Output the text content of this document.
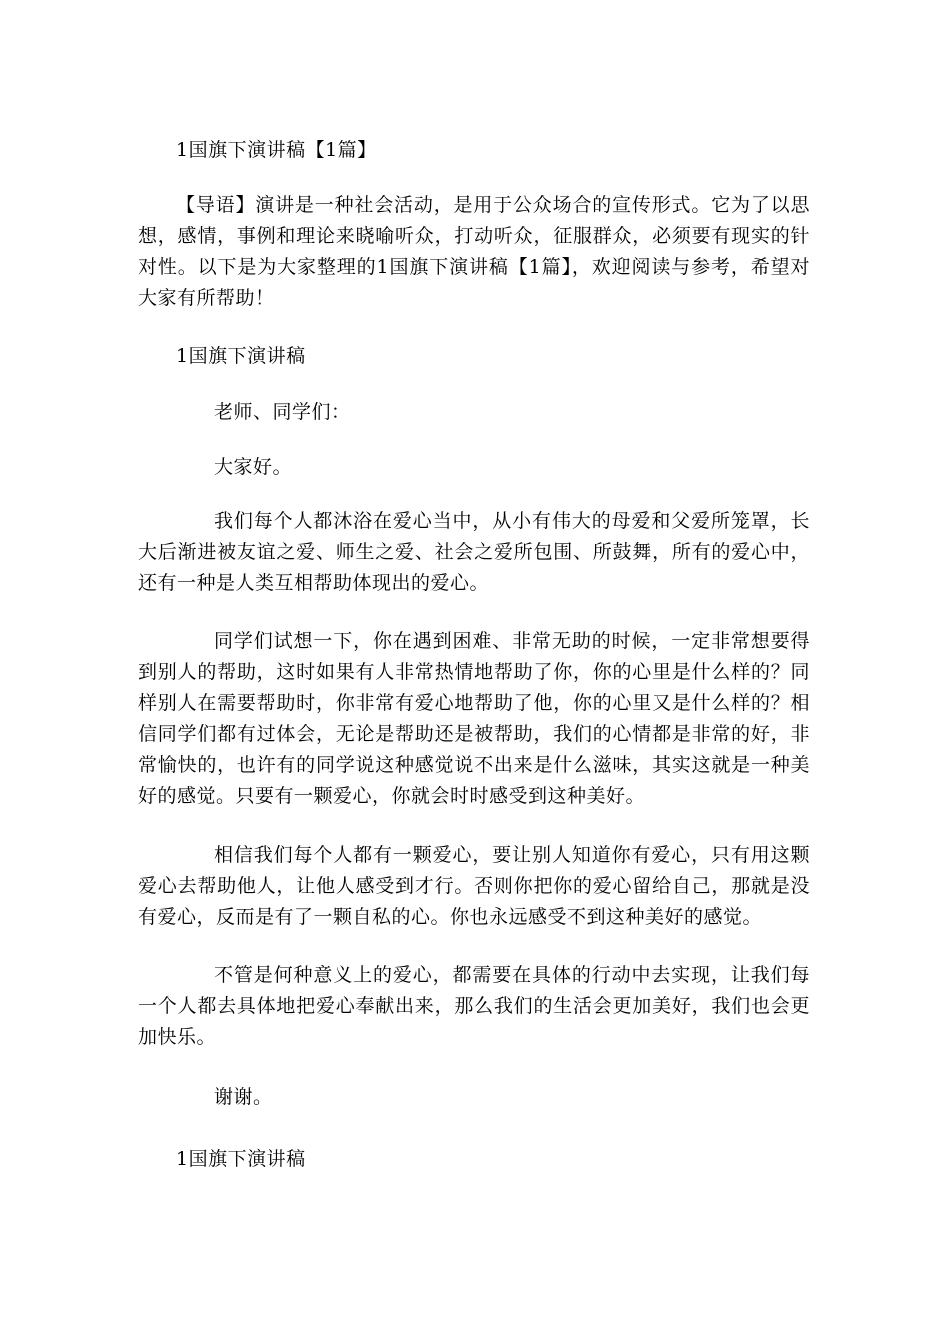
1国旗下演讲稿【1篇】

【导语】演讲是一种社会活动，是用于公众场合的宣传形式。它为了以思想，感情，事例和理论来晓喻听众，打动听众，征服群众，必须要有现实的针对性。以下是为大家整理的1国旗下演讲稿【1篇】，欢迎阅读与参考，希望对大家有所帮助！

1国旗下演讲稿

老师、同学们：

大家好。

我们每个人都沐浴在爱心当中，从小有伟大的母爱和父爱所笼罩，长大后渐进被友谊之爱、师生之爱、社会之爱所包围、所鼓舞，所有的爱心中，还有一种是人类互相帮助体现出的爱心。

同学们试想一下，你在遇到困难、非常无助的时候，一定非常想要得到别人的帮助，这时如果有人非常热情地帮助了你，你的心里是什么样的？同样别人在需要帮助时，你非常有爱心地帮助了他，你的心里又是什么样的？相信同学们都有过体会，无论是帮助还是被帮助，我们的心情都是非常的好，非常愉快的，也许有的同学说这种感觉说不出来是什么滋味，其实这就是一种美好的感觉。只要有一颗爱心，你就会时时感受到这种美好。

相信我们每个人都有一颗爱心，要让别人知道你有爱心，只有用这颗爱心去帮助他人，让他人感受到才行。否则你把你的爱心留给自己，那就是没有爱心，反而是有了一颗自私的心。你也永远感受不到这种美好的感觉。

不管是何种意义上的爱心，都需要在具体的行动中去实现，让我们每一个人都去具体地把爱心奉献出来，那么我们的生活会更加美好，我们也会更加快乐。

谢谢。

1国旗下演讲稿
